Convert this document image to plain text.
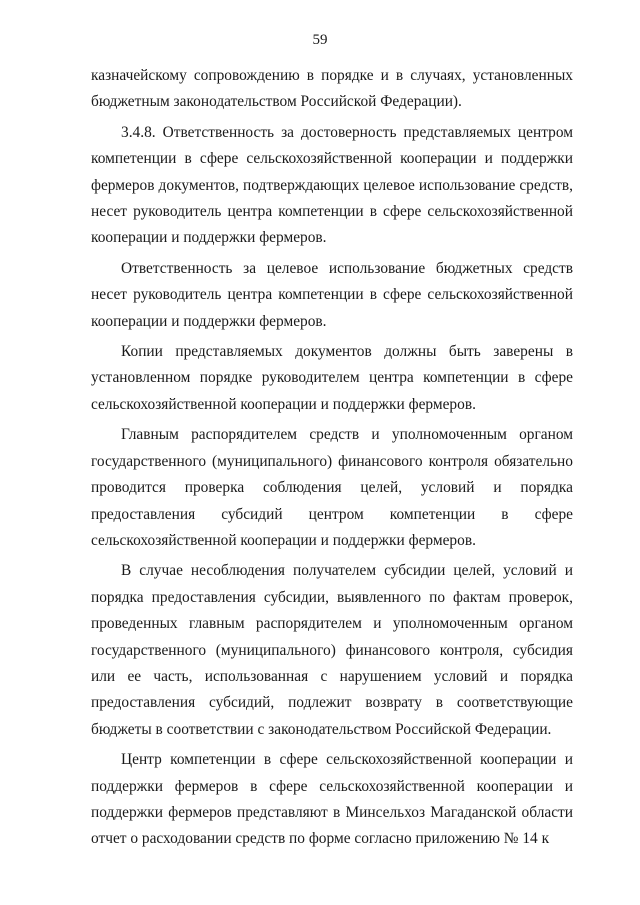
59

казначейскому сопровождению в порядке и в случаях, установленных бюджетным законодательством Российской Федерации).

3.4.8. Ответственность за достоверность представляемых центром компетенции в сфере сельскохозяйственной кооперации и поддержки фермеров документов, подтверждающих целевое использование средств, несет руководитель центра компетенции в сфере сельскохозяйственной кооперации и поддержки фермеров.

Ответственность за целевое использование бюджетных средств несет руководитель центра компетенции в сфере сельскохозяйственной кооперации и поддержки фермеров.

Копии представляемых документов должны быть заверены в установленном порядке руководителем центра компетенции в сфере сельскохозяйственной кооперации и поддержки фермеров.

Главным распорядителем средств и уполномоченным органом государственного (муниципального) финансового контроля обязательно проводится проверка соблюдения целей, условий и порядка предоставления субсидий центром компетенции в сфере сельскохозяйственной кооперации и поддержки фермеров.

В случае несоблюдения получателем субсидии целей, условий и порядка предоставления субсидии, выявленного по фактам проверок, проведенных главным распорядителем и уполномоченным органом государственного (муниципального) финансового контроля, субсидия или ее часть, использованная с нарушением условий и порядка предоставления субсидий, подлежит возврату в соответствующие бюджеты в соответствии с законодательством Российской Федерации.

Центр компетенции в сфере сельскохозяйственной кооперации и поддержки фермеров в сфере сельскохозяйственной кооперации и поддержки фермеров представляют в Минсельхоз Магаданской области отчет о расходовании средств по форме согласно приложению № 14 к
